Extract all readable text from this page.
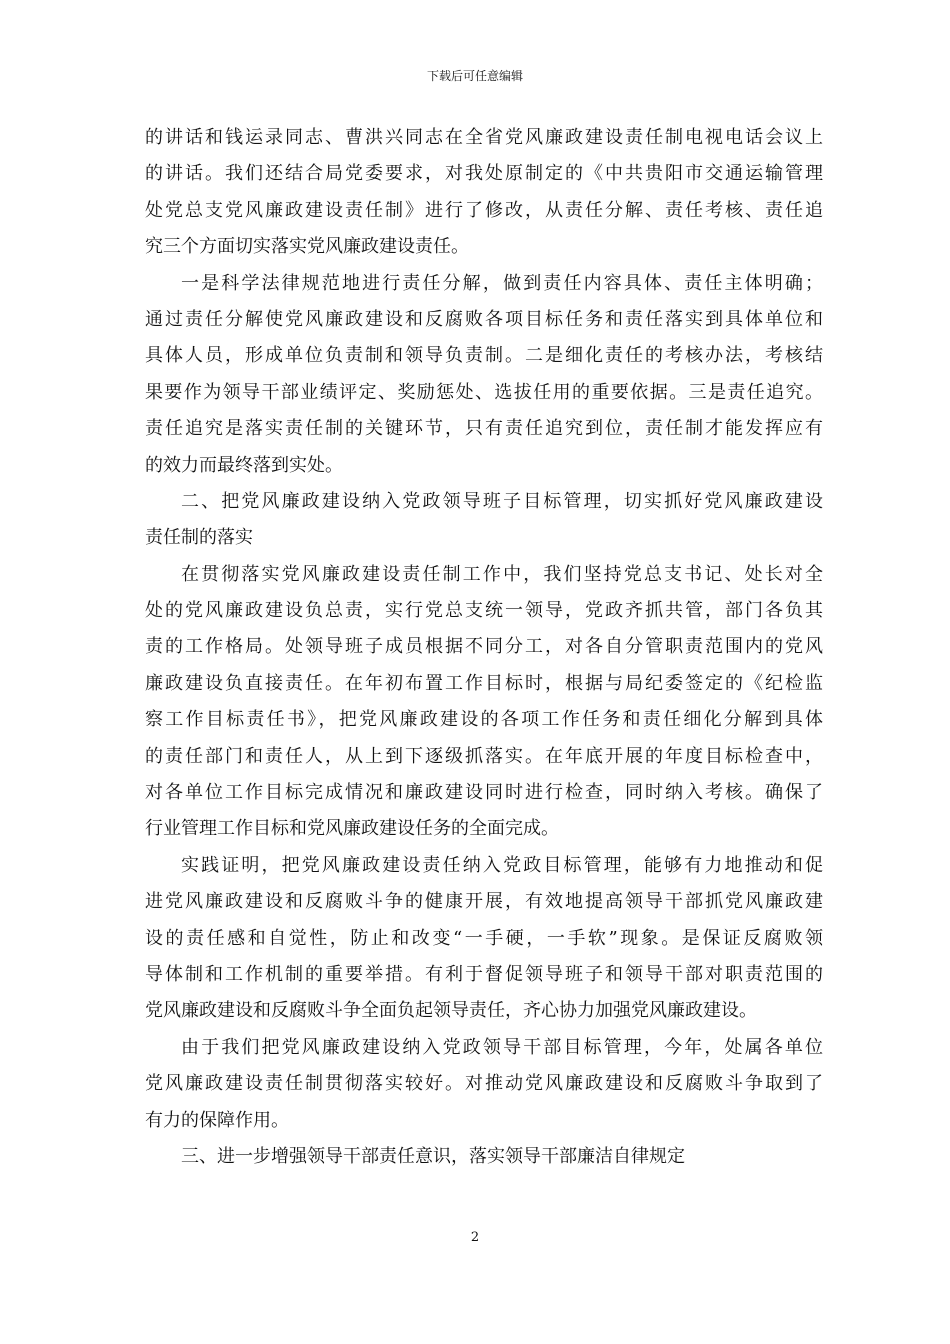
下载后可任意编辑
的讲话和钱运录同志、曹洪兴同志在全省党风廉政建设责任制电视电话会议上
的讲话。我们还结合局党委要求，对我处原制定的《中共贵阳市交通运输管理
处党总支党风廉政建设责任制》进行了修改，从责任分解、责任考核、责任追
究三个方面切实落实党风廉政建设责任。
一是科学法律规范地进行责任分解，做到责任内容具体、责任主体明确；
通过责任分解使党风廉政建设和反腐败各项目标任务和责任落实到具体单位和
具体人员，形成单位负责制和领导负责制。二是细化责任的考核办法，考核结
果要作为领导干部业绩评定、奖励惩处、选拔任用的重要依据。三是责任追究。
责任追究是落实责任制的关键环节，只有责任追究到位，责任制才能发挥应有
的效力而最终落到实处。
二、把党风廉政建设纳入党政领导班子目标管理，切实抓好党风廉政建设
责任制的落实
在贯彻落实党风廉政建设责任制工作中，我们坚持党总支书记、处长对全
处的党风廉政建设负总责，实行党总支统一领导，党政齐抓共管，部门各负其
责的工作格局。处领导班子成员根据不同分工，对各自分管职责范围内的党风
廉政建设负直接责任。在年初布置工作目标时，根据与局纪委签定的《纪检监
察工作目标责任书》，把党风廉政建设的各项工作任务和责任细化分解到具体
的责任部门和责任人，从上到下逐级抓落实。在年底开展的年度目标检查中，
对各单位工作目标完成情况和廉政建设同时进行检查，同时纳入考核。确保了
行业管理工作目标和党风廉政建设任务的全面完成。
实践证明，把党风廉政建设责任纳入党政目标管理，能够有力地推动和促
进党风廉政建设和反腐败斗争的健康开展，有效地提高领导干部抓党风廉政建
设的责任感和自觉性，防止和改变“一手硬，一手软”现象。是保证反腐败领
导体制和工作机制的重要举措。有利于督促领导班子和领导干部对职责范围的
党风廉政建设和反腐败斗争全面负起领导责任，齐心协力加强党风廉政建设。
由于我们把党风廉政建设纳入党政领导干部目标管理，今年，处属各单位
党风廉政建设责任制贯彻落实较好。对推动党风廉政建设和反腐败斗争取到了
有力的保障作用。
三、进一步增强领导干部责任意识，落实领导干部廉洁自律规定
2
